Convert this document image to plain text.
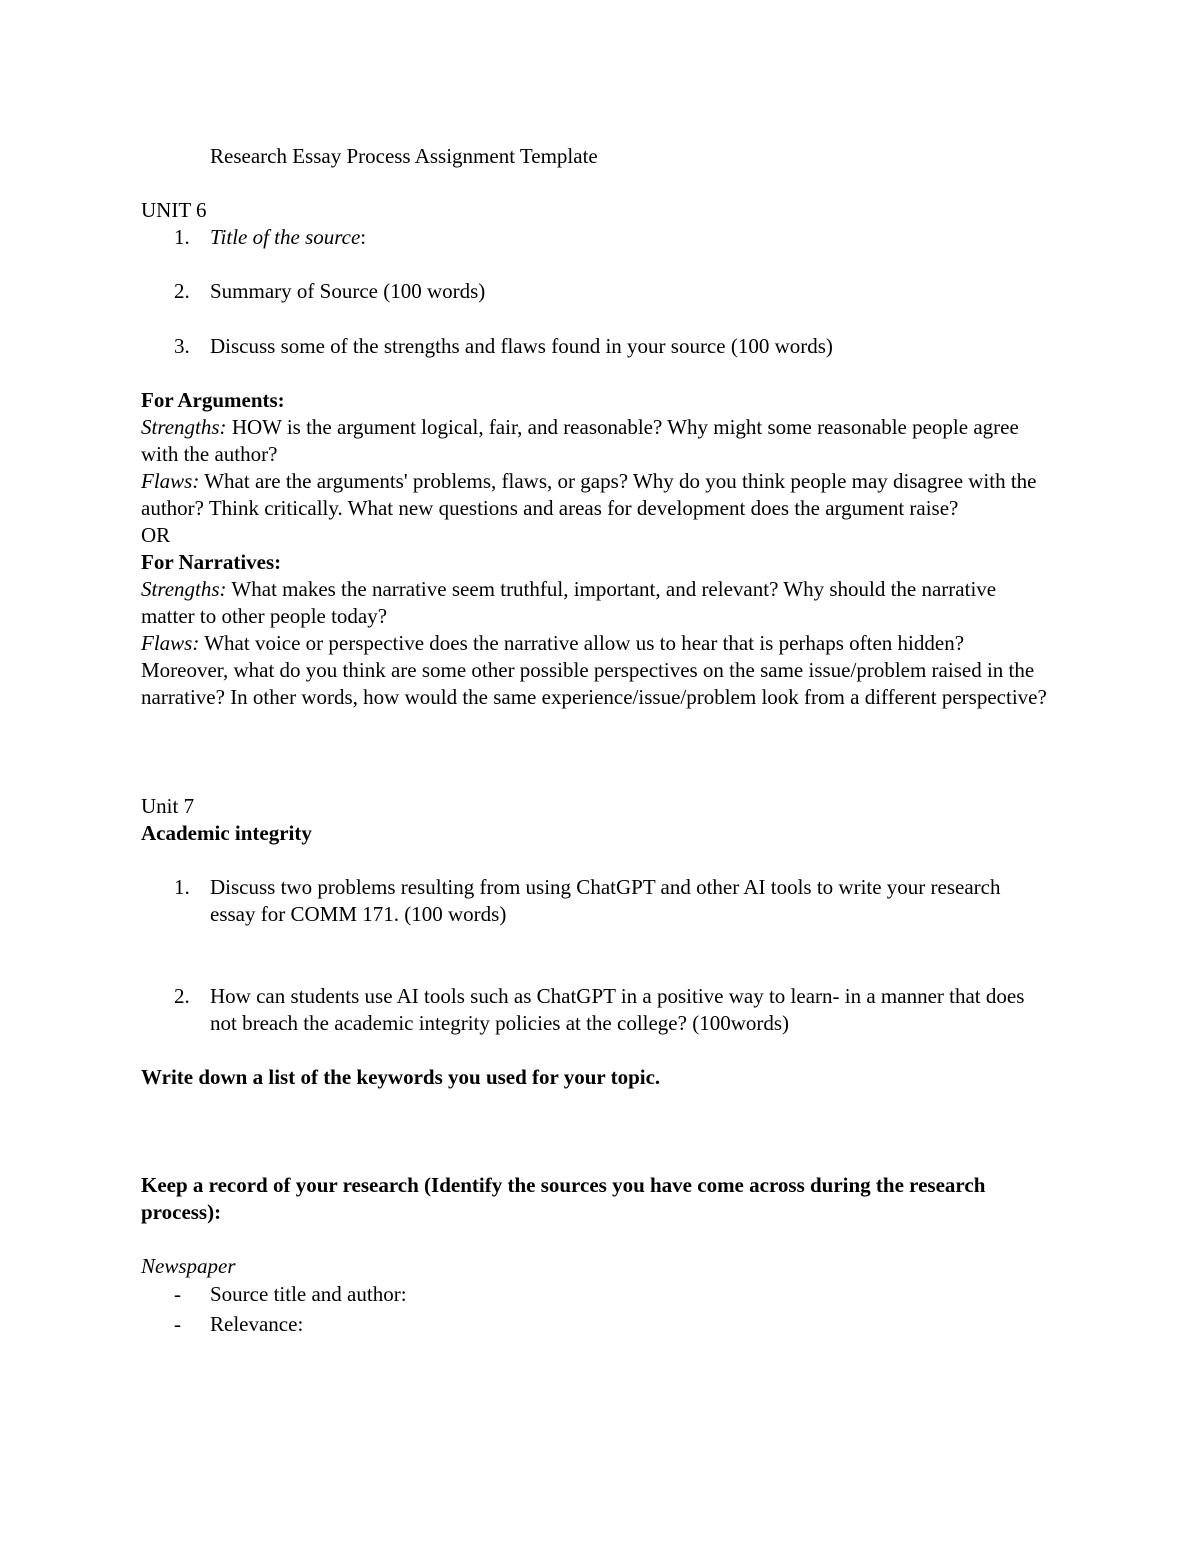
Research Essay Process Assignment Template
UNIT 6
1. Title of the source:
2. Summary of Source (100 words)
3. Discuss some of the strengths and flaws found in your source (100 words)
For Arguments:
Strengths: HOW is the argument logical, fair, and reasonable? Why might some reasonable people agree with the author?
Flaws: What are the arguments' problems, flaws, or gaps? Why do you think people may disagree with the author? Think critically. What new questions and areas for development does the argument raise?
OR
For Narratives:
Strengths: What makes the narrative seem truthful, important, and relevant? Why should the narrative matter to other people today?
Flaws: What voice or perspective does the narrative allow us to hear that is perhaps often hidden? Moreover, what do you think are some other possible perspectives on the same issue/problem raised in the narrative? In other words, how would the same experience/issue/problem look from a different perspective?
Unit 7
Academic integrity
1. Discuss two problems resulting from using ChatGPT and other AI tools to write your research essay for COMM 171. (100 words)
2. How can students use AI tools such as ChatGPT in a positive way to learn- in a manner that does not breach the academic integrity policies at the college? (100words)
Write down a list of the keywords you used for your topic.
Keep a record of your research (Identify the sources you have come across during the research process):
Newspaper
-	Source title and author:
-	Relevance:
